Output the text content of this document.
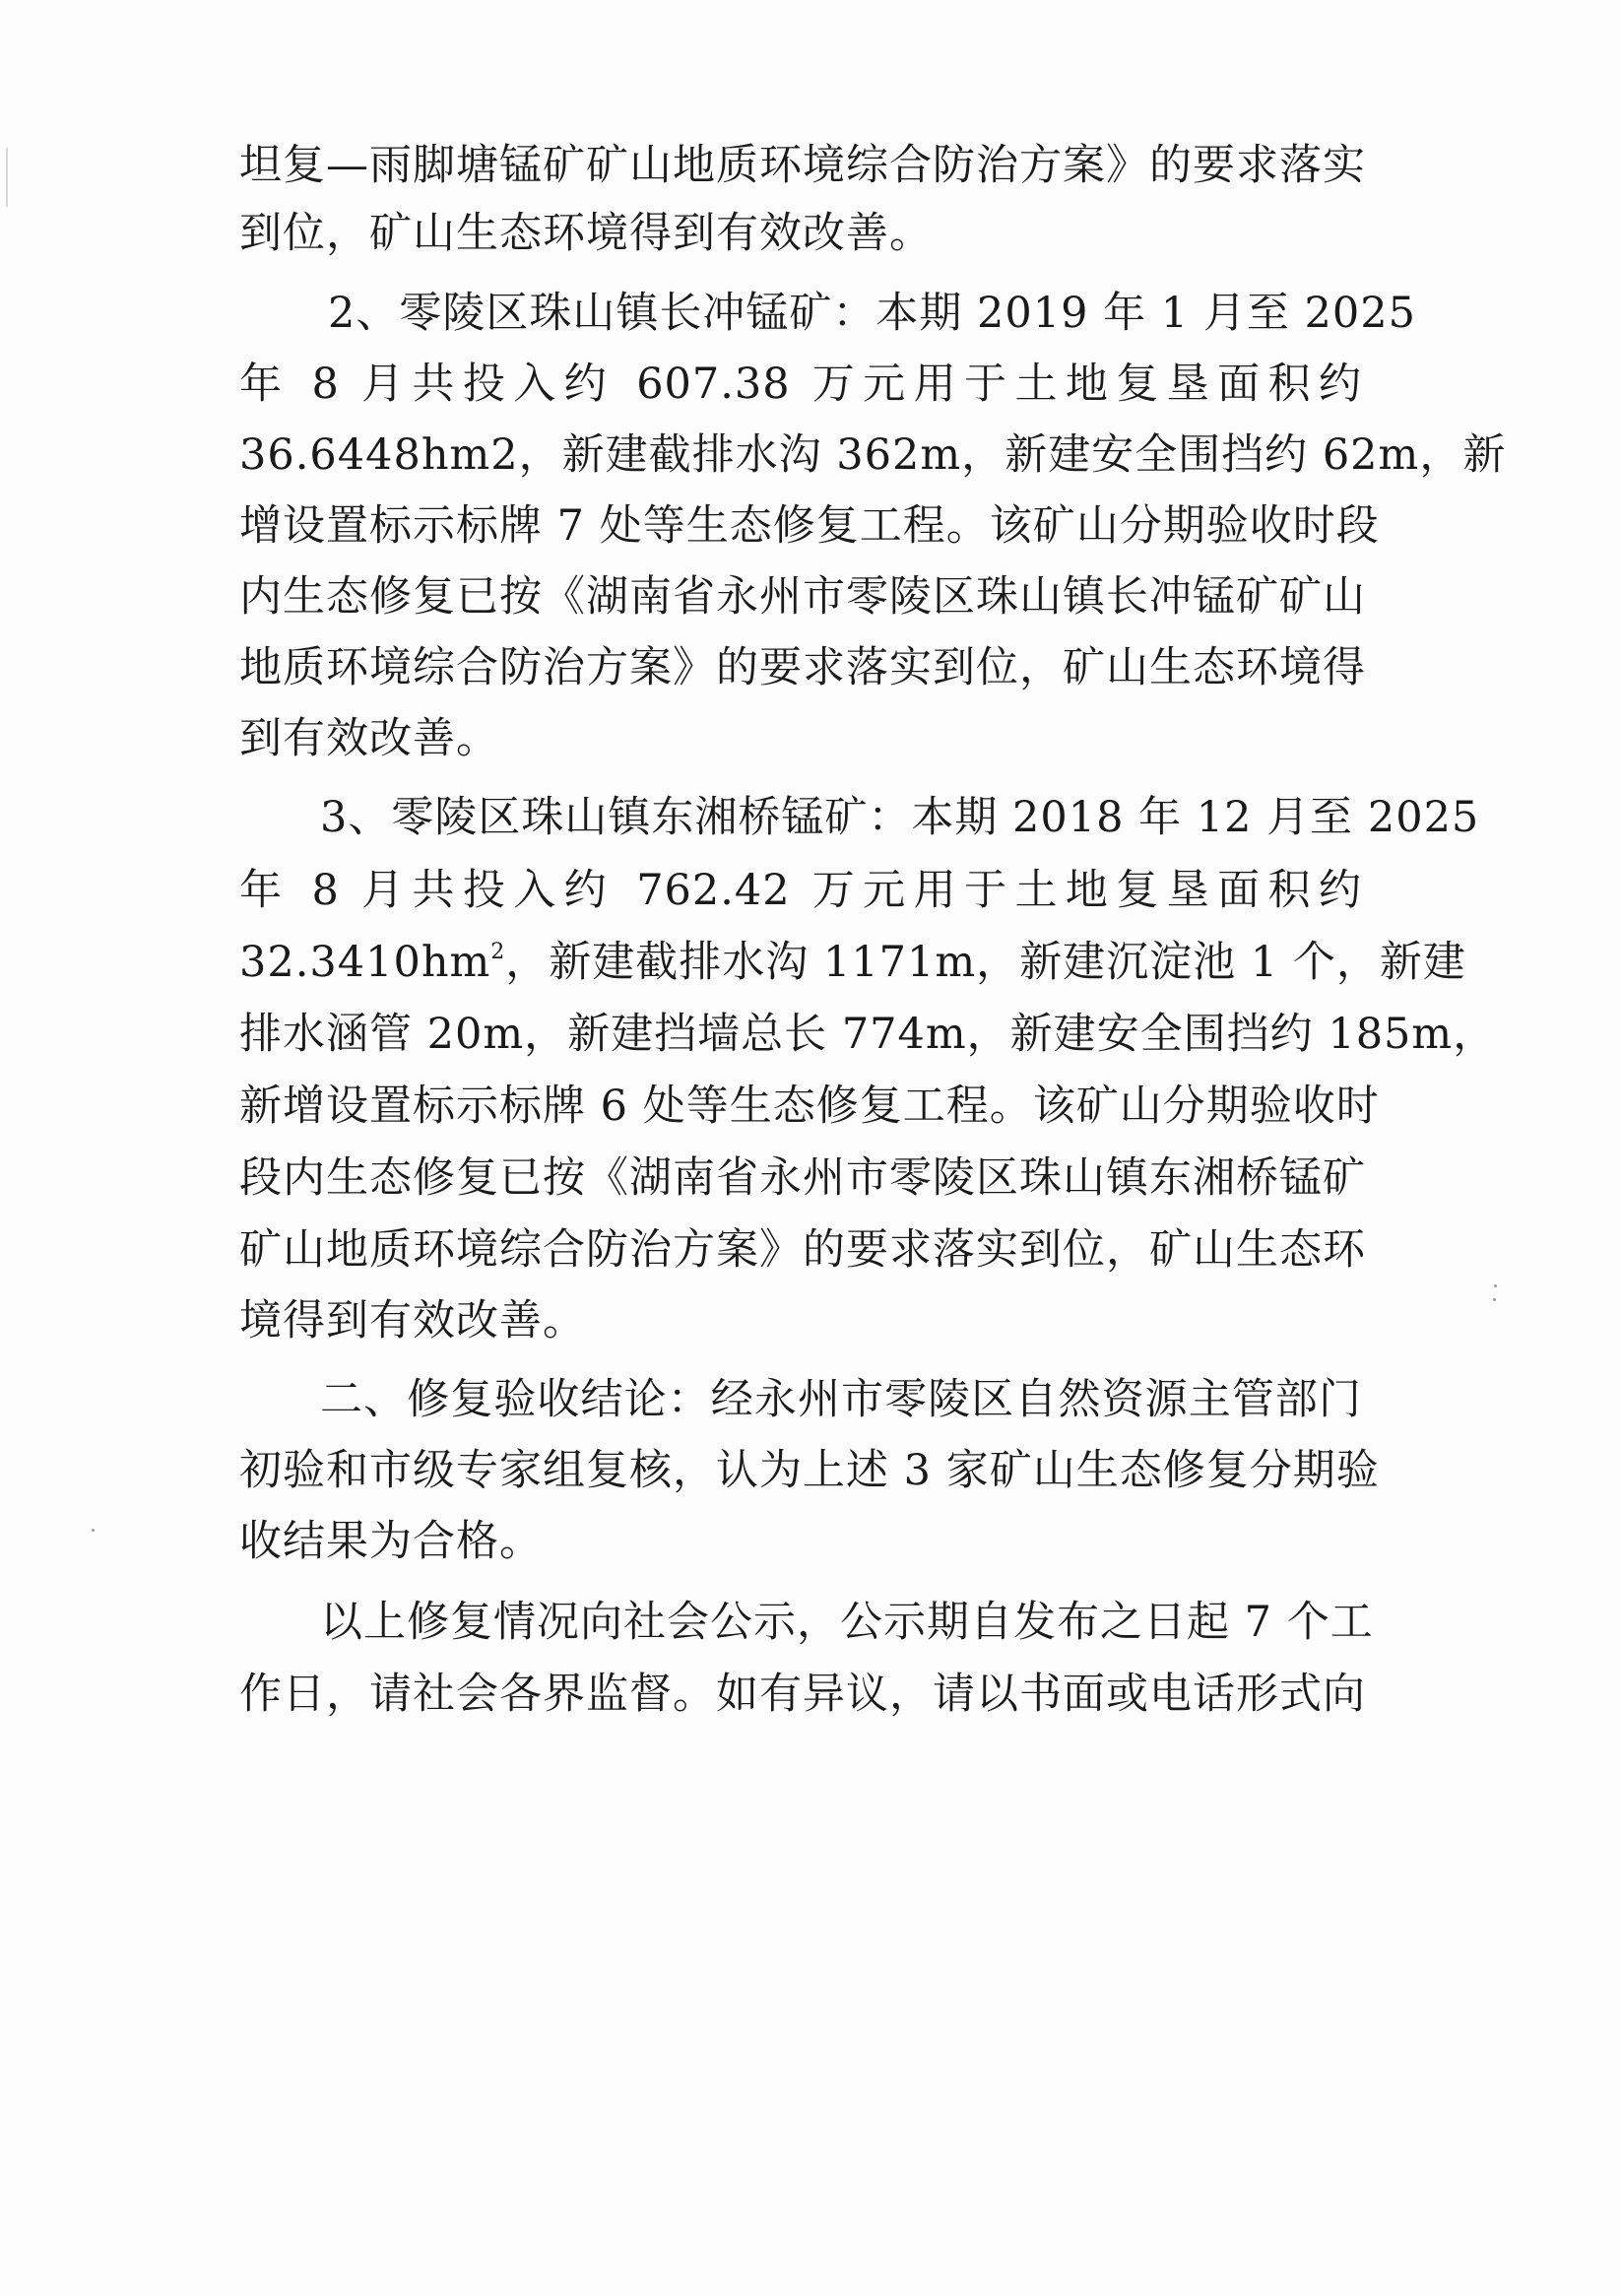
坦复—雨脚塘锰矿矿山地质环境综合防治方案》的要求落实
到位，矿山生态环境得到有效改善。
2、零陵区珠山镇长冲锰矿：本期 2019 年 1 月至 2025
年 8 月共投入约 607.38 万元用于土地复垦面积约
36.6448hm2，新建截排水沟 362m，新建安全围挡约 62m，新
增设置标示标牌 7 处等生态修复工程。该矿山分期验收时段
内生态修复已按《湖南省永州市零陵区珠山镇长冲锰矿矿山
地质环境综合防治方案》的要求落实到位，矿山生态环境得
到有效改善。
3、零陵区珠山镇东湘桥锰矿：本期 2018 年 12 月至 2025
年 8 月共投入约 762.42 万元用于土地复垦面积约
$32.3410hm^2$，新建截排水沟 1171m，新建沉淀池 1 个，新建
排水涵管 20m，新建挡墙总长 774m，新建安全围挡约 185m，
新增设置标示标牌 6 处等生态修复工程。该矿山分期验收时
段内生态修复已按《湖南省永州市零陵区珠山镇东湘桥锰矿
矿山地质环境综合防治方案》的要求落实到位，矿山生态环
境得到有效改善。
二、修复验收结论：经永州市零陵区自然资源主管部门
初验和市级专家组复核，认为上述 3 家矿山生态修复分期验
收结果为合格。
以上修复情况向社会公示，公示期自发布之日起 7 个工
作日，请社会各界监督。如有异议，请以书面或电话形式向
